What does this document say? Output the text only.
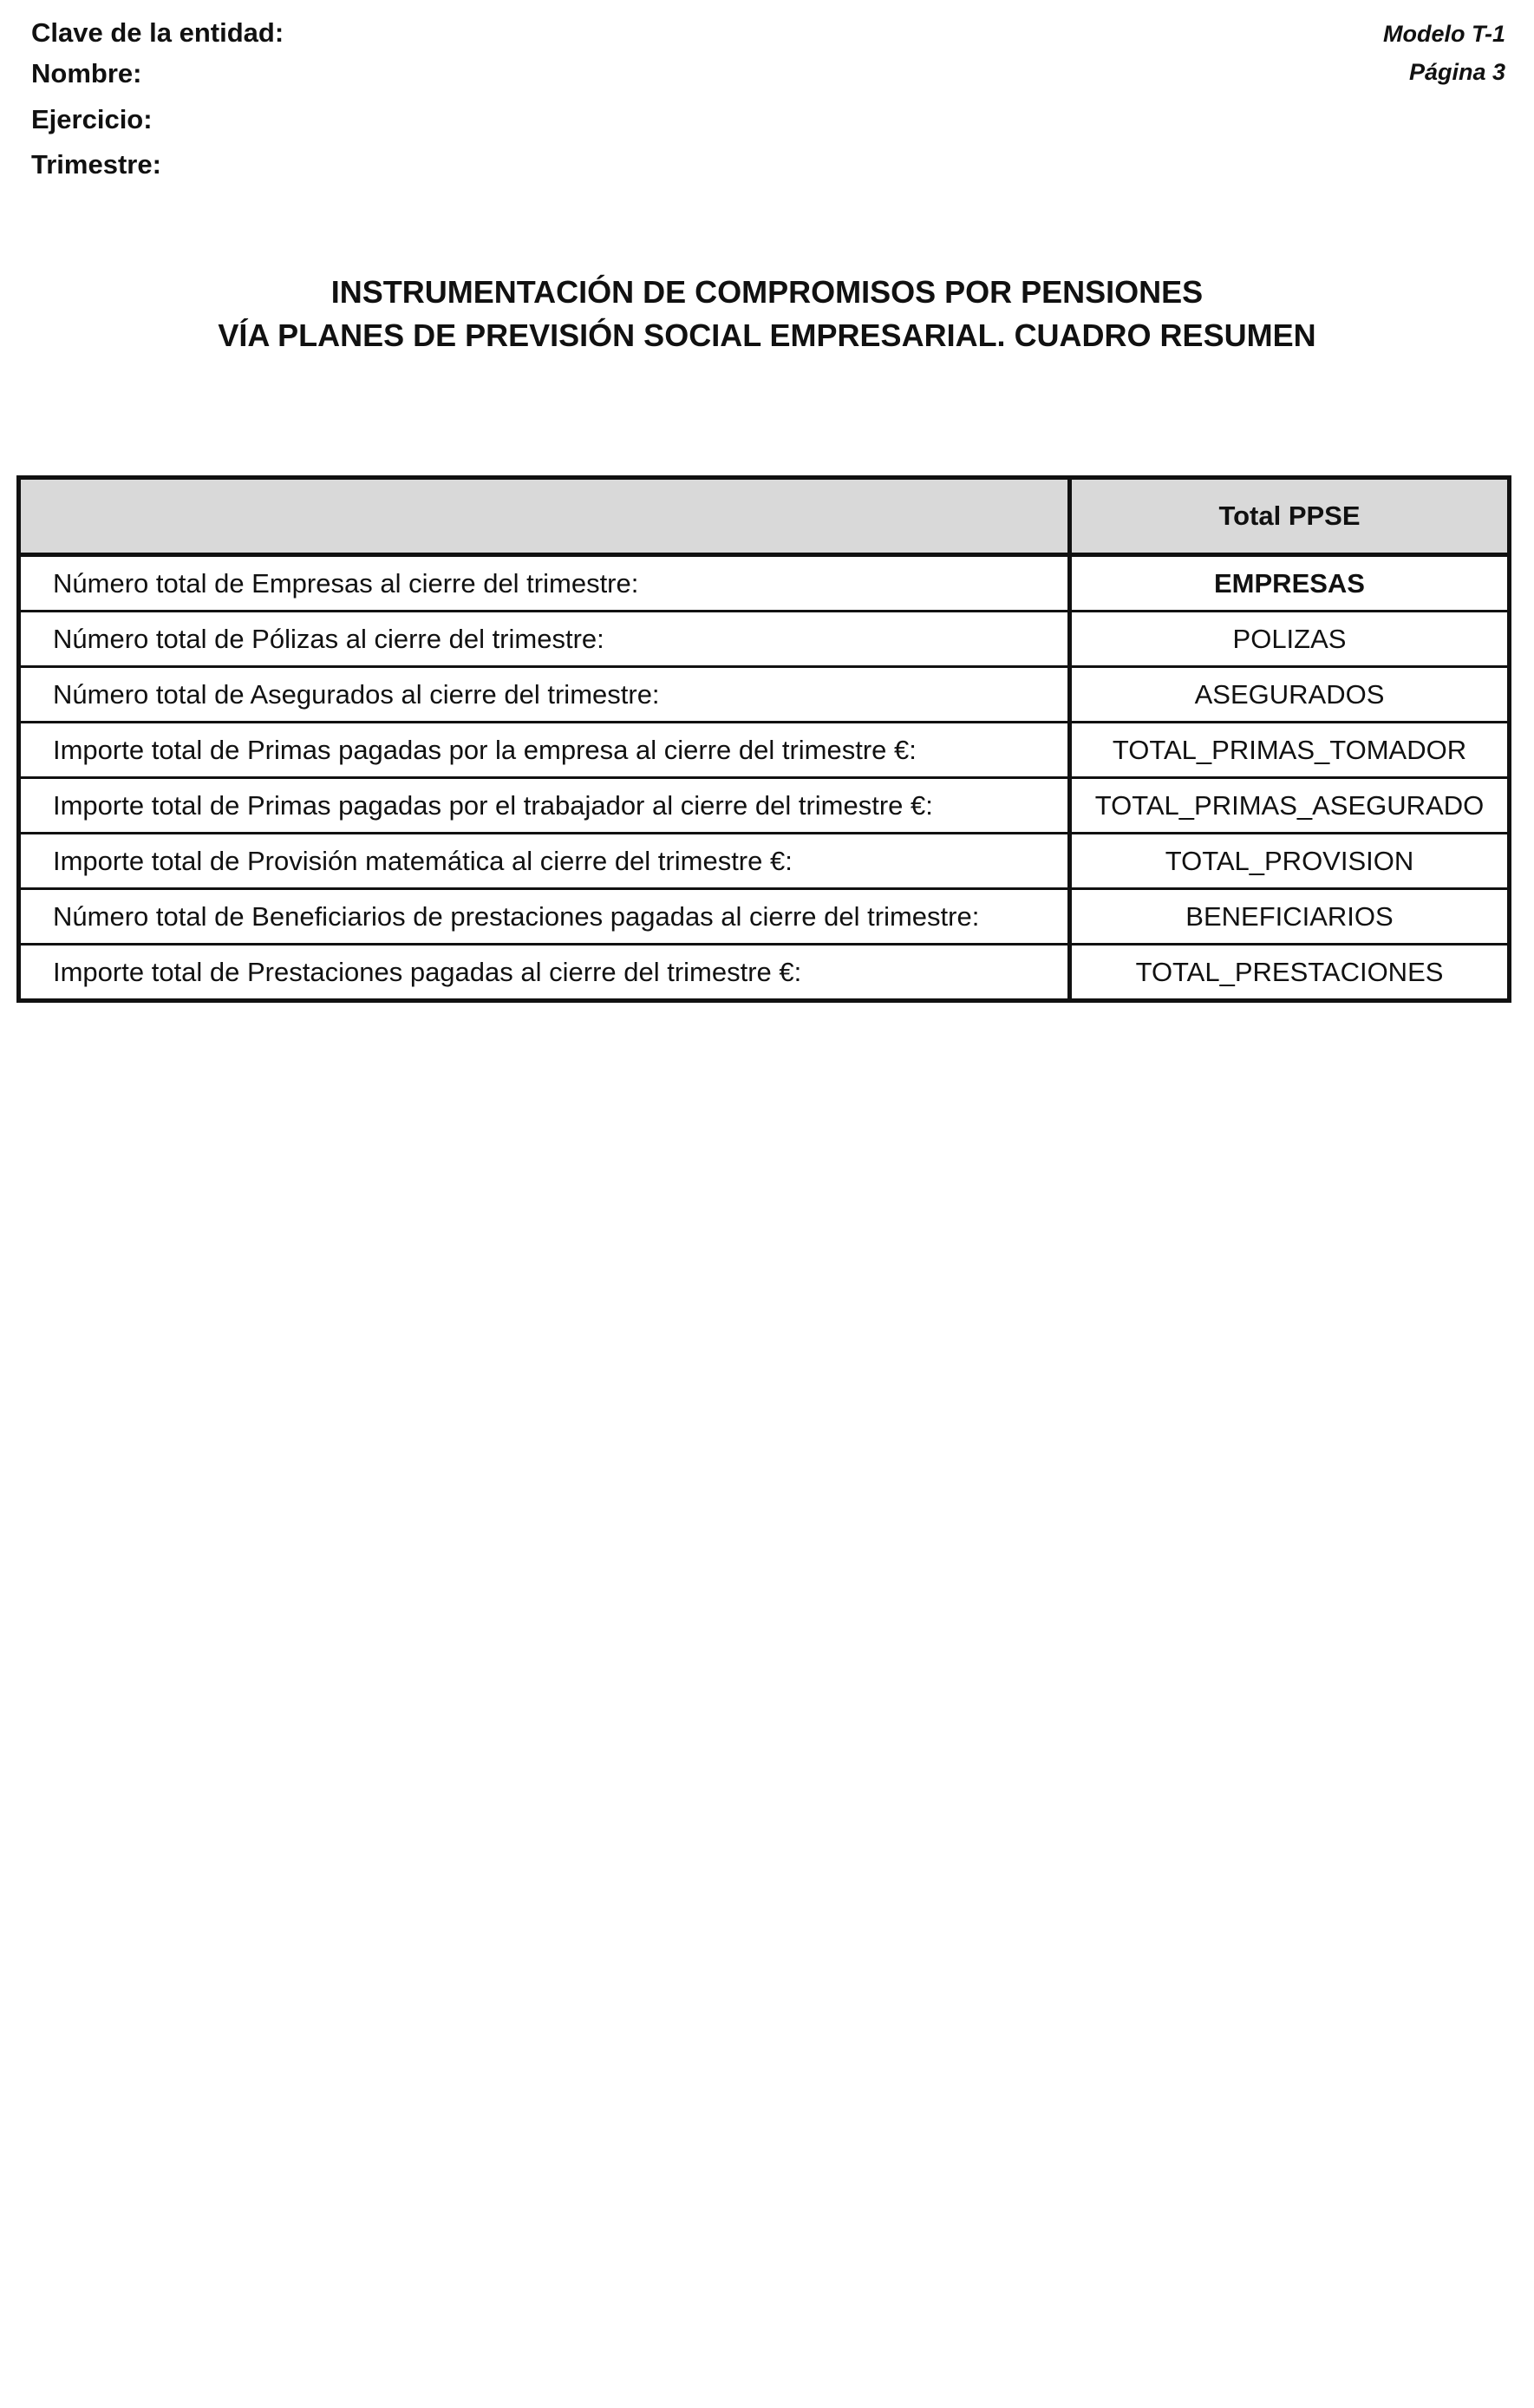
Clave de la entidad:
Nombre:
Ejercicio:
Trimestre:
Modelo T-1
Página 3
INSTRUMENTACIÓN DE COMPROMISOS POR PENSIONES
VÍA PLANES DE PREVISIÓN SOCIAL EMPRESARIAL. CUADRO RESUMEN
	Total PPSE
Número total de Empresas al cierre del trimestre:	EMPRESAS
Número total de Pólizas al cierre del trimestre:	POLIZAS
Número total de Asegurados al cierre del trimestre:	ASEGURADOS
Importe total de Primas pagadas por la empresa al cierre del trimestre €:	TOTAL_PRIMAS_TOMADOR
Importe total de Primas pagadas por el trabajador al cierre del trimestre €:	TOTAL_PRIMAS_ASEGURADO
Importe total de Provisión matemática al cierre del trimestre €:	TOTAL_PROVISION
Número total de Beneficiarios de prestaciones pagadas al cierre del trimestre:	BENEFICIARIOS
Importe total de Prestaciones pagadas al cierre del trimestre €:	TOTAL_PRESTACIONES
